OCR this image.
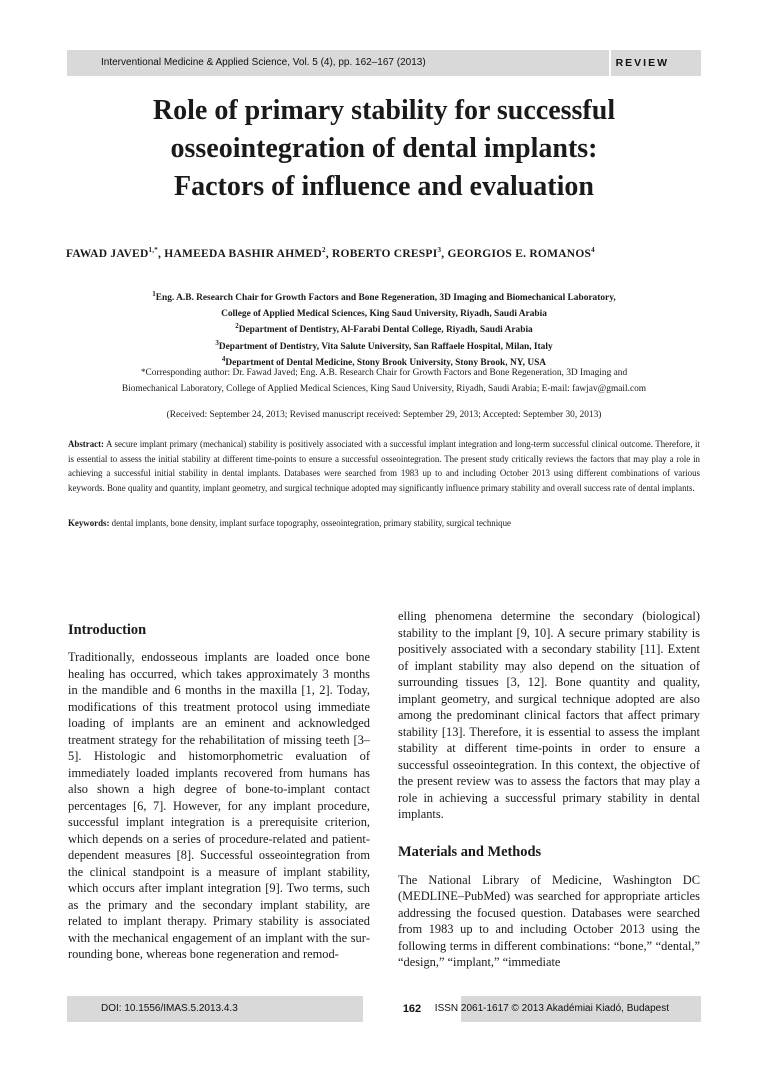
Interventional Medicine & Applied Science, Vol. 5 (4), pp. 162–167 (2013)	REVIEW
Role of primary stability for successful
osseointegration of dental implants:
Factors of influence and evaluation
FAWAD $JAVED^{1,*}$, HAMEEDA BASHIR AHMED$^2$, ROBERTO CRESPI$^3$, GEORGIOS E. ROMANOS$^4$
$^1$Eng. A.B. Research Chair for Growth Factors and Bone Regeneration, 3D Imaging and Biomechanical Laboratory,
College of Applied Medical Sciences, King Saud University, Riyadh, Saudi Arabia
$^2$Department of Dentistry, Al-Farabi Dental College, Riyadh, Saudi Arabia
$^3$Department of Dentistry, Vita Salute University, San Raffaele Hospital, Milan, Italy
$^4$Department of Dental Medicine, Stony Brook University, Stony Brook, NY, USA
*Corresponding author: Dr. Fawad Javed; Eng. A.B. Research Chair for Growth Factors and Bone Regeneration, 3D Imaging and
Biomechanical Laboratory, College of Applied Medical Sciences, King Saud University, Riyadh, Saudi Arabia; E-mail: fawjav@gmail.com
(Received: September 24, 2013; Revised manuscript received: September 29, 2013; Accepted: September 30, 2013)

Abstract: A secure implant primary (mechanical) stability is positively associated with a successful implant integration and long-term successful clinical outcome. Therefore, it is essential to assess the initial stability at different time-points to ensure a successful osseointegration. The present study critically reviews the factors that may play a role in achieving a successful initial stability in dental implants. Databases were searched from 1983 up to and including October 2013 using different combinations of various keywords. Bone quality and quantity, implant geometry, and surgical technique adopted may significantly influence primary stability and overall success rate of dental implants.

Keywords: dental implants, bone density, implant surface topography, osseointegration, primary stability, surgical technique

Introduction

Traditionally, endosseous implants are loaded once bone healing has occurred, which takes approximately 3 months in the mandible and 6 months in the maxilla [1, 2]. Today, modifications of this treatment protocol using immediate loading of implants are an eminent and acknowledged treatment strategy for the rehabilitation of missing teeth [3–5]. Histologic and histomorphometric evaluation of immediately loaded implants recovered from humans has also shown a high degree of bone-to-implant contact percentages [6, 7]. However, for any implant procedure, successful implant integration is a prerequisite criterion, which depends on a series of procedure-related and patient-dependent measures [8]. Successful osseointegration from the clinical standpoint is a measure of implant stability, which occurs after implant integration [9]. Two terms, such as the primary and the secondary implant stability, are related to implant therapy. Primary stability is associated with the mechanical engagement of an implant with the surrounding bone, whereas bone regeneration and remod-

elling phenomena determine the secondary (biological) stability to the implant [9, 10]. A secure primary stability is positively associated with a secondary stability [11]. Extent of implant stability may also depend on the situation of surrounding tissues [3, 12]. Bone quantity and quality, implant geometry, and surgical technique adopted are also among the predominant clinical factors that affect primary stability [13]. Therefore, it is essential to assess the implant stability at different time-points in order to ensure a successful osseointegration. In this context, the objective of the present review was to assess the factors that may play a role in achieving a successful primary stability in dental implants.

Materials and Methods

The National Library of Medicine, Washington DC (MEDLINE–PubMed) was searched for appropriate articles addressing the focused question. Databases were searched from 1983 up to and including October 2013 using the following terms in different combinations: “bone,” “dental,” “design,” “implant,” “immediate

DOI: 10.1556/IMAS.5.2013.4.3	162	ISSN 2061-1617 © 2013 Akadémiai Kiadó, Budapest
